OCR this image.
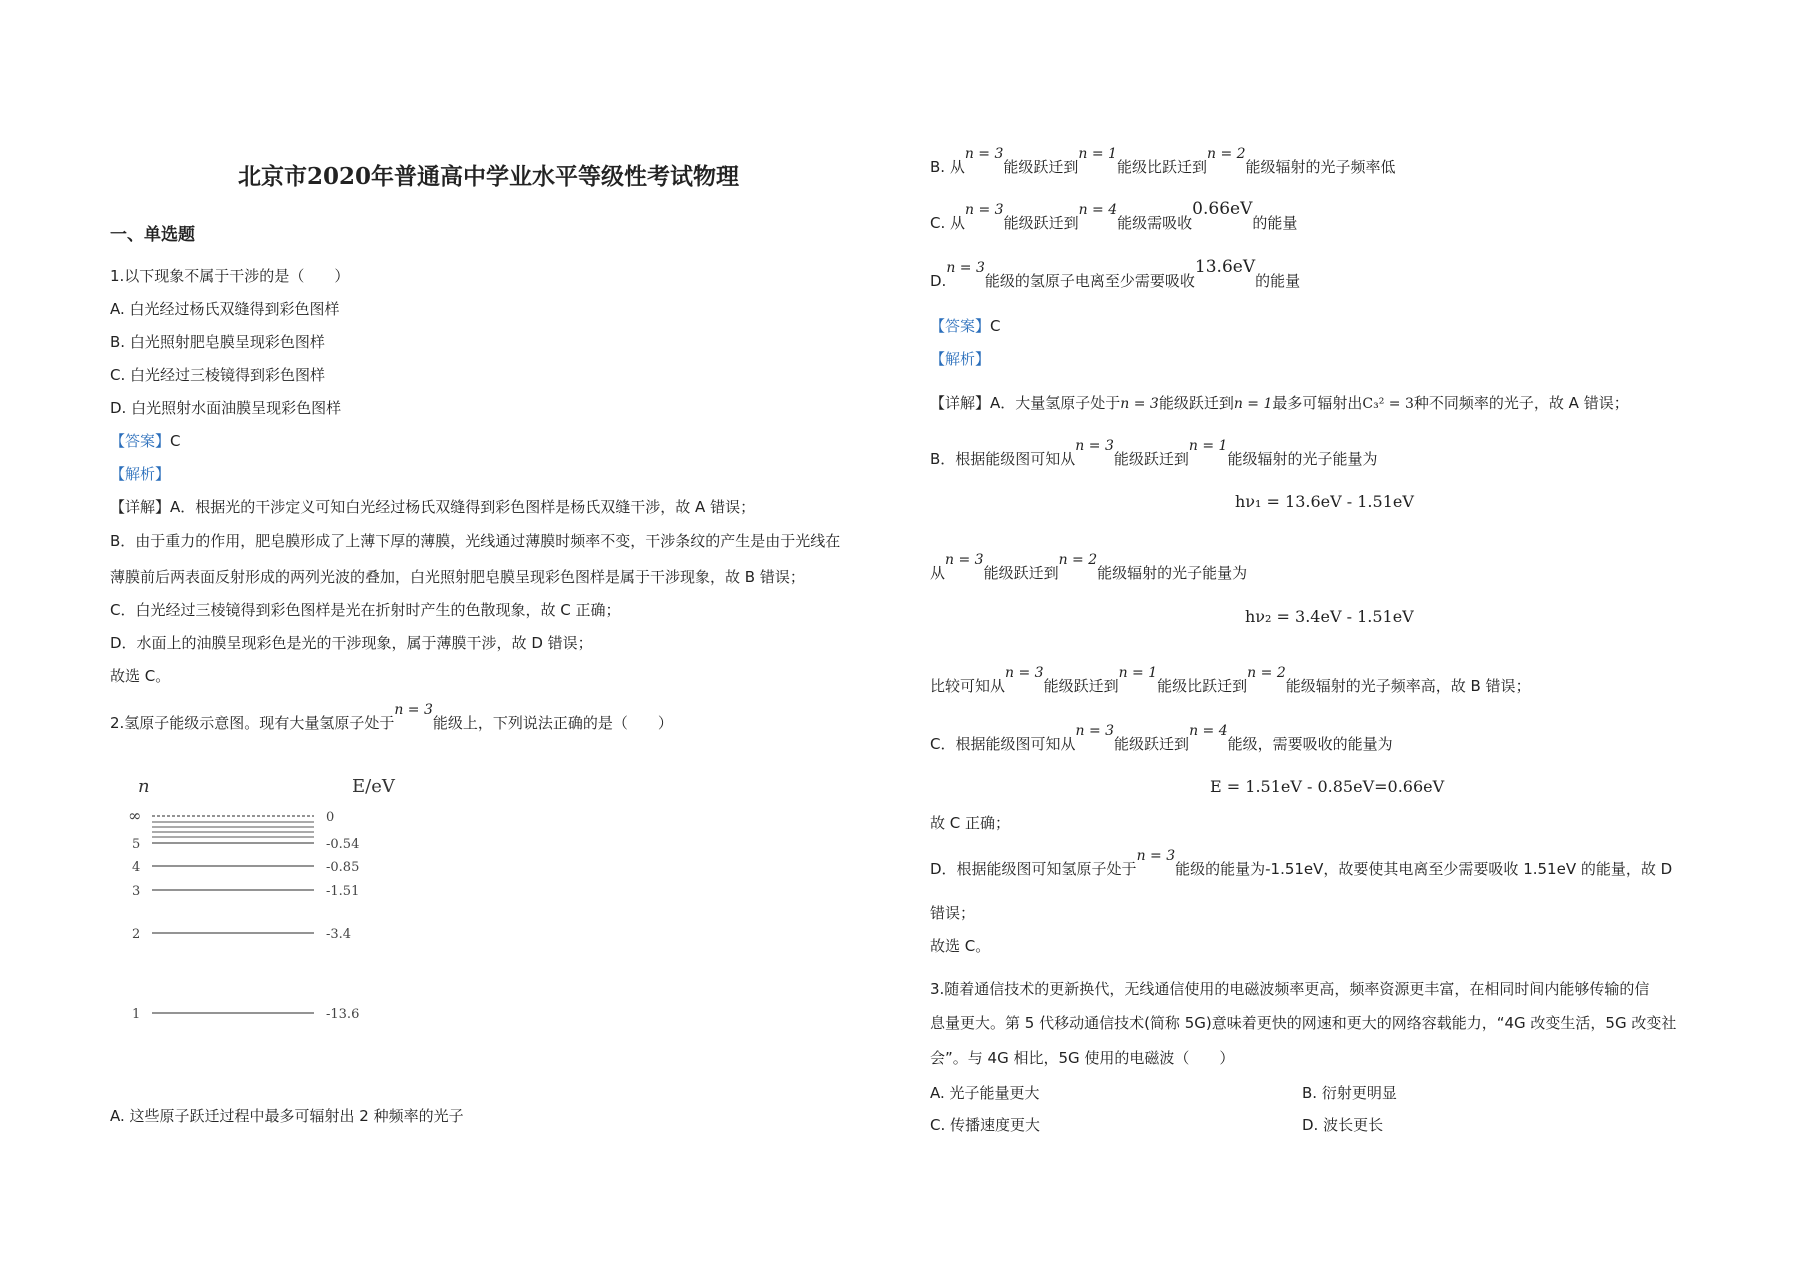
北京市2020年普通高中学业水平等级性考试物理
一、单选题
1.以下现象不属于干涉的是（　　）
A. 白光经过杨氏双缝得到彩色图样
B. 白光照射肥皂膜呈现彩色图样
C. 白光经过三棱镜得到彩色图样
D. 白光照射水面油膜呈现彩色图样
【答案】C
【解析】
【详解】A．根据光的干涉定义可知白光经过杨氏双缝得到彩色图样是杨氏双缝干涉，故 A 错误；
B．由于重力的作用，肥皂膜形成了上薄下厚的薄膜，光线通过薄膜时频率不变，干涉条纹的产生是由于光线在
薄膜前后两表面反射形成的两列光波的叠加，白光照射肥皂膜呈现彩色图样是属于干涉现象，故 B 错误；
C．白光经过三棱镜得到彩色图样是光在折射时产生的色散现象，故 C 正确；
D．水面上的油膜呈现彩色是光的干涉现象，属于薄膜干涉，故 D 错误；
故选 C。
2.氢原子能级示意图。现有大量氢原子处于n = 3能级上，下列说法正确的是（　　）
n	E/eV
∞	0
5	-0.54
4	-0.85
3	-1.51
2	-3.4
1	-13.6
A. 这些原子跃迁过程中最多可辐射出 2 种频率的光子
B. 从n = 3能级跃迁到n = 1能级比跃迁到n = 2能级辐射的光子频率低
C. 从n = 3能级跃迁到n = 4能级需吸收0.66eV的能量
D.n = 3能级的氢原子电离至少需要吸收13.6eV的能量
【答案】C
【解析】
【详解】A．大量氢原子处于n = 3能级跃迁到n = 1最多可辐射出C₃² = 3种不同频率的光子，故 A 错误；
B．根据能级图可知从n = 3能级跃迁到n = 1能级辐射的光子能量为
hν₁ = 13.6eV - 1.51eV
从n = 3能级跃迁到n = 2能级辐射的光子能量为
hν₂ = 3.4eV - 1.51eV
比较可知从n = 3能级跃迁到n = 1能级比跃迁到n = 2能级辐射的光子频率高，故 B 错误；
C．根据能级图可知从n = 3能级跃迁到n = 4能级，需要吸收的能量为
E = 1.51eV - 0.85eV=0.66eV
故 C 正确；
D．根据能级图可知氢原子处于n = 3能级的能量为-1.51eV，故要使其电离至少需要吸收 1.51eV 的能量，故 D
错误；
故选 C。
3.随着通信技术的更新换代，无线通信使用的电磁波频率更高，频率资源更丰富，在相同时间内能够传输的信
息量更大。第 5 代移动通信技术(简称 5G)意味着更快的网速和更大的网络容载能力，“4G 改变生活，5G 改变社
会”。与 4G 相比，5G 使用的电磁波（　　）
A. 光子能量更大	B. 衍射更明显
C. 传播速度更大	D. 波长更长
